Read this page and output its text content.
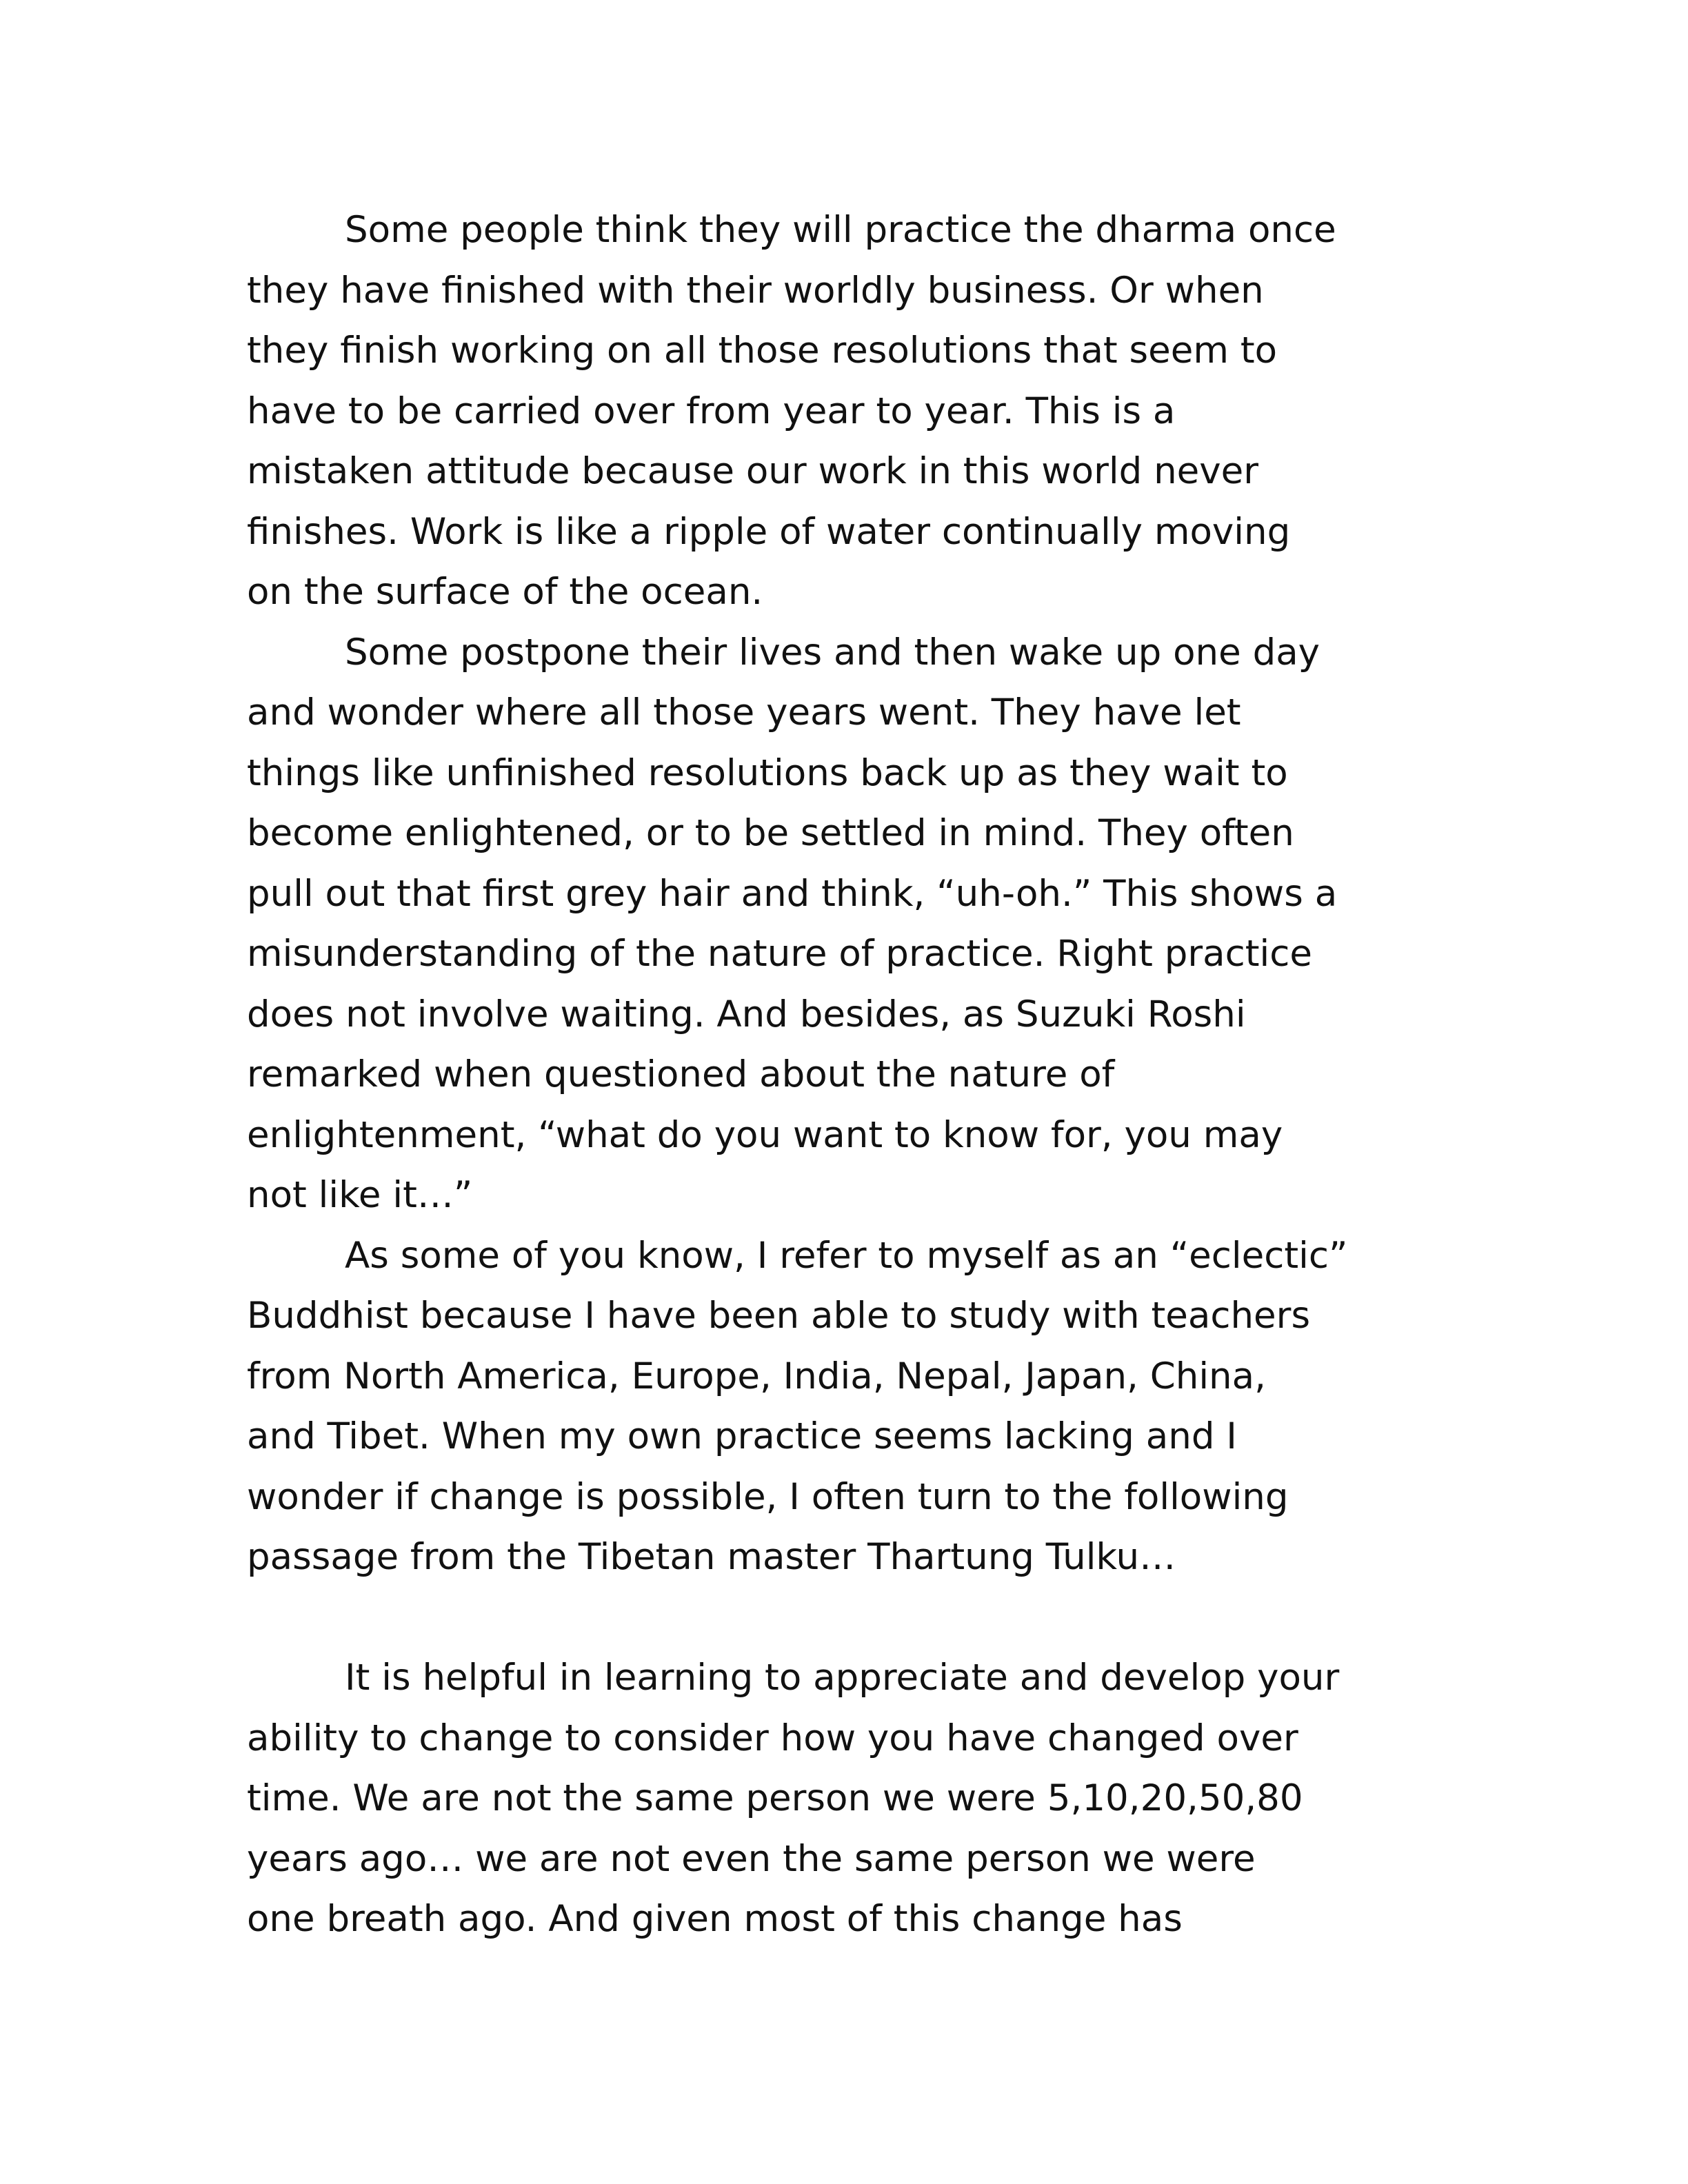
Some people think they will practice the dharma once
they have finished with their worldly business. Or when
they finish working on all those resolutions that seem to
have to be carried over from year to year. This is a
mistaken attitude because our work in this world never
finishes. Work is like a ripple of water continually moving
on the surface of the ocean.
Some postpone their lives and then wake up one day
and wonder where all those years went. They have let
things like unfinished resolutions back up as they wait to
become enlightened, or to be settled in mind. They often
pull out that first grey hair and think, “uh-oh.” This shows a
misunderstanding of the nature of practice. Right practice
does not involve waiting. And besides, as Suzuki Roshi
remarked when questioned about the nature of
enlightenment, “what do you want to know for, you may
not like it…”
As some of you know, I refer to myself as an “eclectic”
Buddhist because I have been able to study with teachers
from North America, Europe, India, Nepal, Japan, China,
and Tibet. When my own practice seems lacking and I
wonder if change is possible, I often turn to the following
passage from the Tibetan master Thartung Tulku…
It is helpful in learning to appreciate and develop your
ability to change to consider how you have changed over
time. We are not the same person we were 5,10,20,50,80
years ago… we are not even the same person we were
one breath ago. And given most of this change has
